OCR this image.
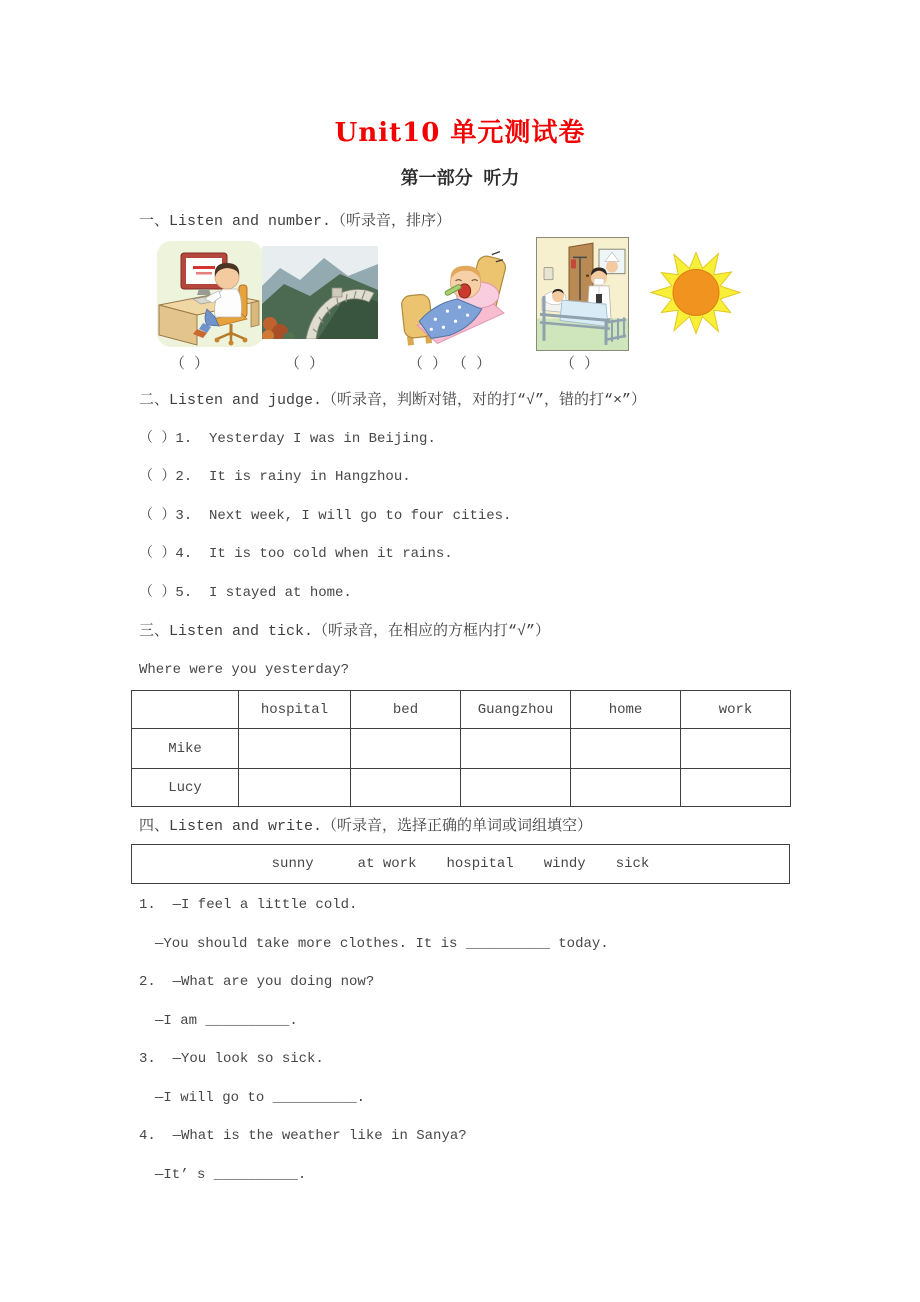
Unit10 单元测试卷
第一部分 听力
一、Listen and number.（听录音，排序）
（ ）	（ ）	（ ） （ ）	（ ）
二、Listen and judge.（听录音，判断对错，对的打“√”，错的打“×”）
（ ）1.  Yesterday I was in Beijing.
（ ）2.  It is rainy in Hangzhou.
（ ）3.  Next week, I will go to four cities.
（ ）4.  It is too cold when it rains.
（ ）5.  I stayed at home.
三、Listen and tick.（听录音，在相应的方框内打“√”）
Where were you yesterday?
	hospital	bed	Guangzhou	home	work
Mike					
Lucy					
四、Listen and write.（听录音，选择正确的单词或词组填空）
sunny	at work hospital windy sick
1.  —I feel a little cold.
—You should take more clothes. It is __________ today.
2.  —What are you doing now?
—I am __________.
3.  —You look so sick.
—I will go to __________.
4.  —What is the weather like in Sanya?
—It’ s __________.
